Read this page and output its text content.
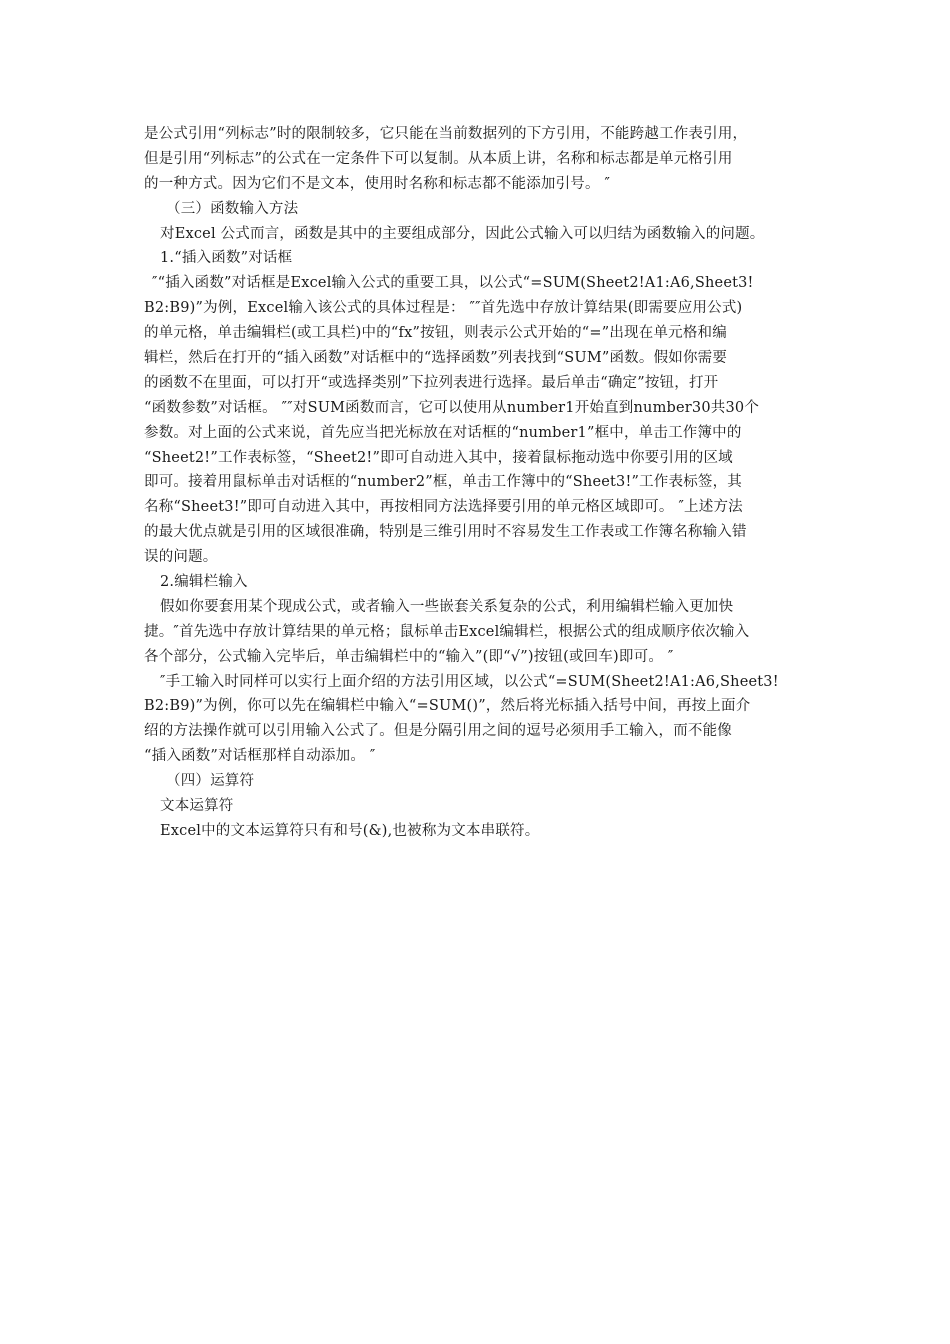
是公式引用“列标志”时的限制较多，它只能在当前数据列的下方引用，不能跨越工作表引用，
但是引用“列标志”的公式在一定条件下可以复制。从本质上讲，名称和标志都是单元格引用
的一种方式。因为它们不是文本，使用时名称和标志都不能添加引号。 ″
（三）函数输入方法
对Excel 公式而言，函数是其中的主要组成部分，因此公式输入可以归结为函数输入的问题。
1.“插入函数”对话框
″“插入函数”对话框是Excel输入公式的重要工具，以公式“=SUM(Sheet2!A1:A6,Sheet3!
B2:B9)”为例，Excel输入该公式的具体过程是： ″″首先选中存放计算结果(即需要应用公式)
的单元格，单击编辑栏(或工具栏)中的“fx”按钮，则表示公式开始的“=”出现在单元格和编
辑栏，然后在打开的“插入函数”对话框中的“选择函数”列表找到“SUM”函数。假如你需要
的函数不在里面，可以打开“或选择类别”下拉列表进行选择。最后单击“确定”按钮，打开
“函数参数”对话框。 ″″对SUM函数而言，它可以使用从number1开始直到number30共30个
参数。对上面的公式来说，首先应当把光标放在对话框的“number1”框中，单击工作簿中的
“Sheet2!”工作表标签，“Sheet2!”即可自动进入其中，接着鼠标拖动选中你要引用的区域
即可。接着用鼠标单击对话框的“number2”框，单击工作簿中的“Sheet3!”工作表标签，其
名称“Sheet3!”即可自动进入其中，再按相同方法选择要引用的单元格区域即可。 ″上述方法
的最大优点就是引用的区域很准确，特别是三维引用时不容易发生工作表或工作簿名称输入错
误的问题。
2.编辑栏输入
假如你要套用某个现成公式，或者输入一些嵌套关系复杂的公式，利用编辑栏输入更加快
捷。″首先选中存放计算结果的单元格；鼠标单击Excel编辑栏，根据公式的组成顺序依次输入
各个部分，公式输入完毕后，单击编辑栏中的“输入”(即“√”)按钮(或回车)即可。 ″
″手工输入时同样可以实行上面介绍的方法引用区域，以公式“=SUM(Sheet2!A1:A6,Sheet3!
B2:B9)”为例，你可以先在编辑栏中输入“=SUM()”，然后将光标插入括号中间，再按上面介
绍的方法操作就可以引用输入公式了。但是分隔引用之间的逗号必须用手工输入，而不能像
“插入函数”对话框那样自动添加。 ″
（四）运算符
文本运算符
Excel中的文本运算符只有和号(&),也被称为文本串联符。
